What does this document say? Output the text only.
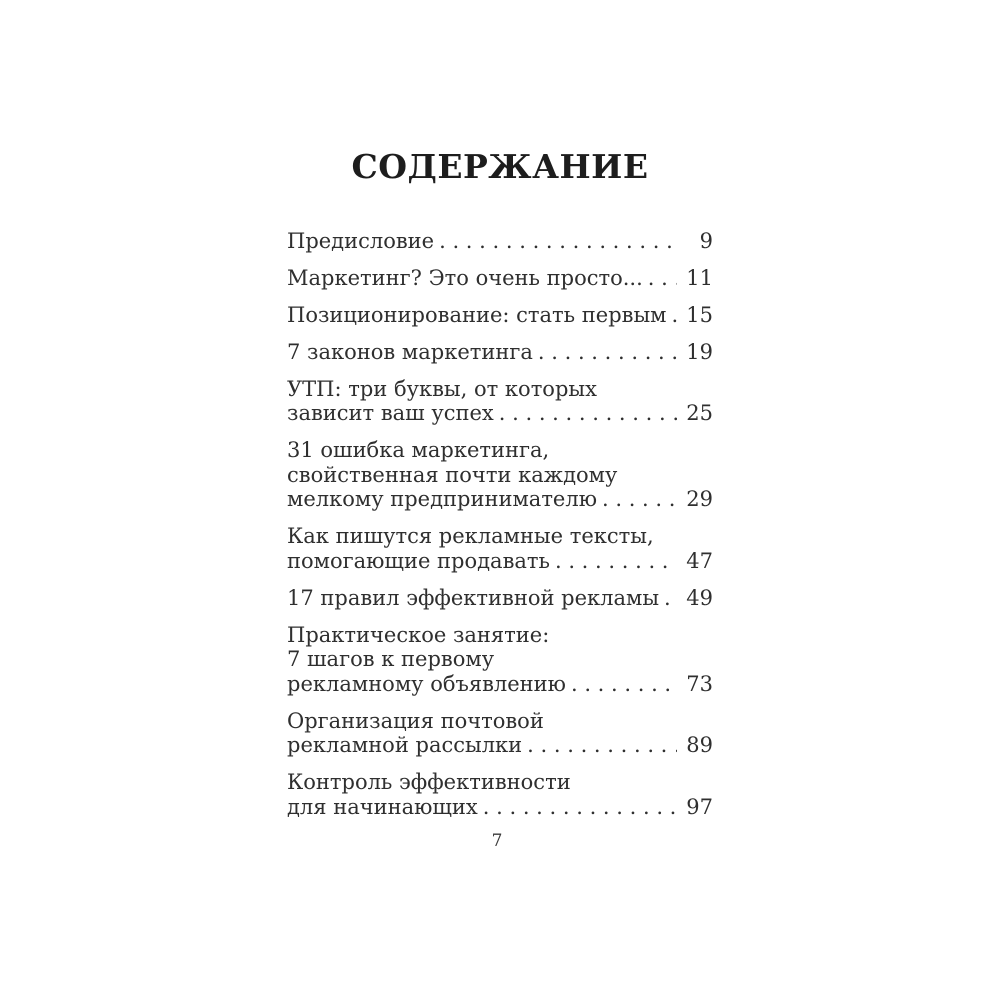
СОДЕРЖАНИЕ
Предисловие . . .	9
Маркетинг? Это очень просто... . . .	11
Позиционирование: стать первым . . . 15
7 законов маркетинга . . .	19
УТП: три буквы, от которых
зависит ваш успех . . .	25
31 ошибка маркетинга,
свойственная почти каждому
мелкому предпринимателю . . .	29
Как пишутся рекламные тексты,
помогающие продавать . . .	47
17 правил эффективной рекламы . . .	49
Практическое занятие:
7 шагов к первому
рекламному объявлению . . .	73
Организация почтовой
рекламной рассылки . . .	89
Контроль эффективности
для начинающих . . .	97
7
